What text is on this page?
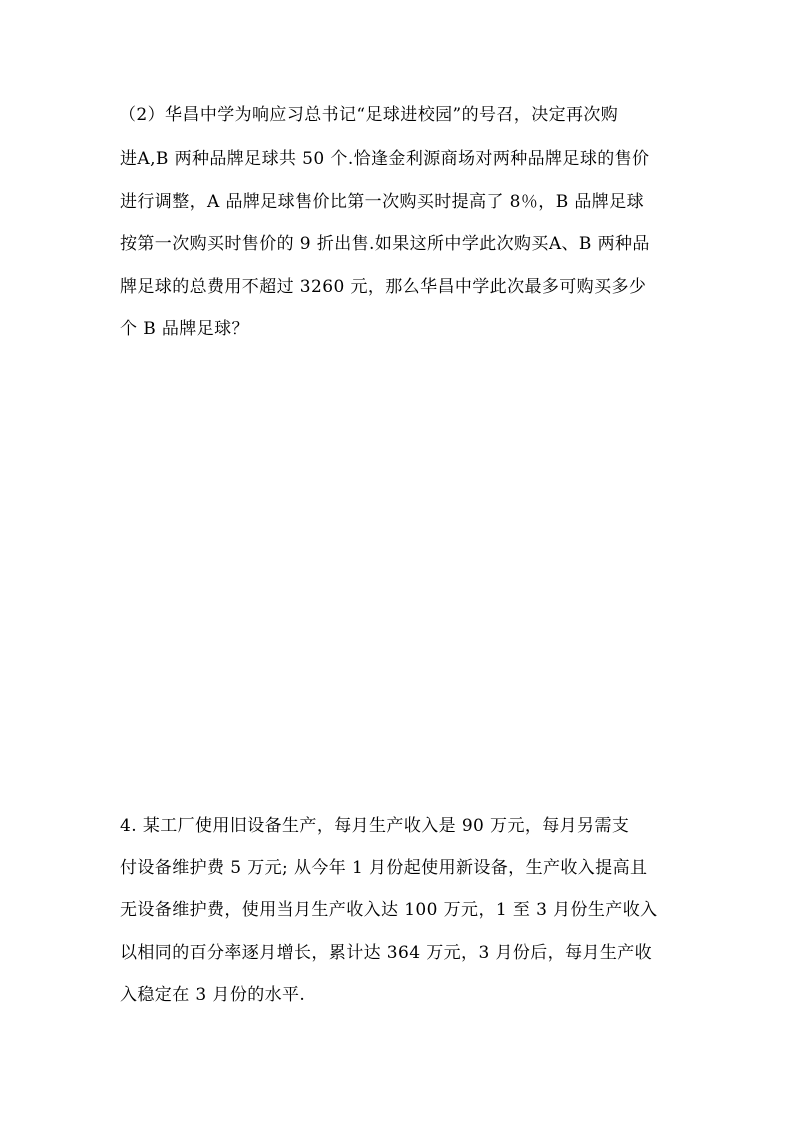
（2）华昌中学为响应习总书记“足球进校园”的号召，决定再次购
进A,B 两种品牌足球共 50 个.恰逢金利源商场对两种品牌足球的售价
进行调整，A 品牌足球售价比第一次购买时提高了 8％，B 品牌足球
按第一次购买时售价的 9 折出售.如果这所中学此次购买A、B 两种品
牌足球的总费用不超过 3260 元，那么华昌中学此次最多可购买多少
个 B 品牌足球？
4. 某工厂使用旧设备生产，每月生产收入是 90 万元，每月另需支
付设备维护费 5 万元; 从今年 1 月份起使用新设备，生产收入提高且
无设备维护费，使用当月生产收入达 100 万元，1 至 3 月份生产收入
以相同的百分率逐月增长，累计达 364 万元，3 月份后，每月生产收
入稳定在 3 月份的水平.
